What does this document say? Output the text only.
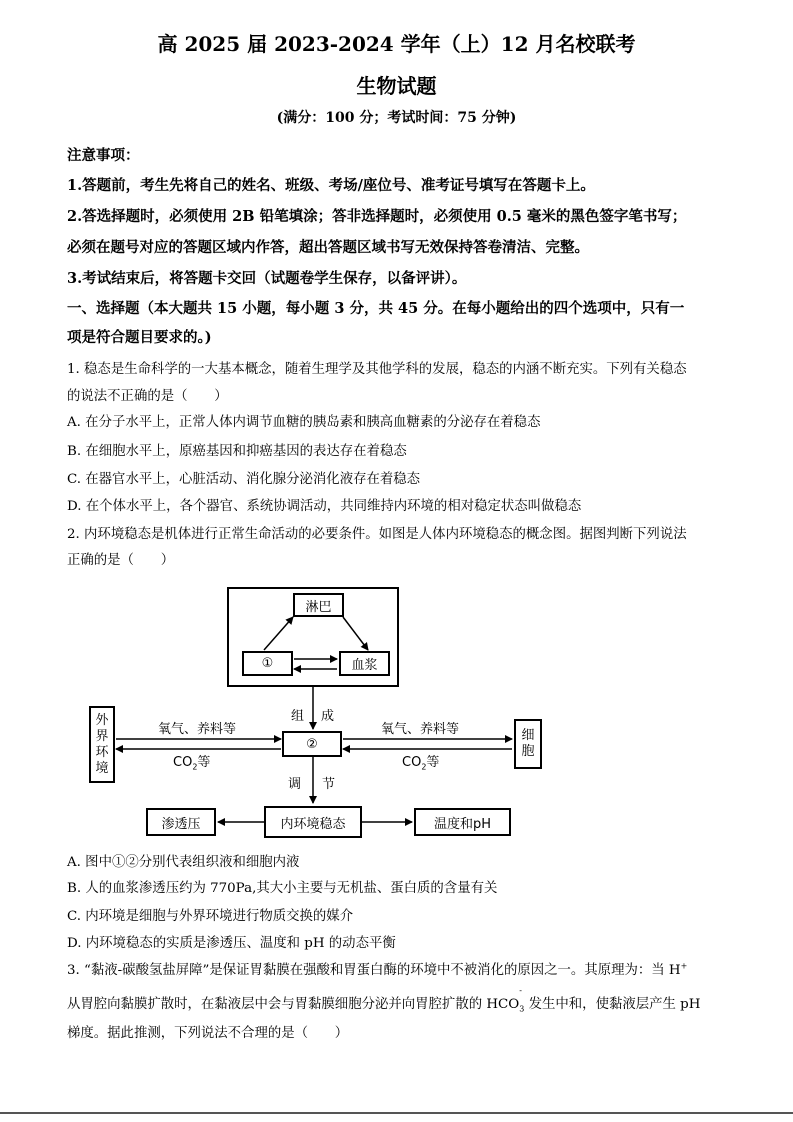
高 2025 届 2023-2024 学年（上）12 月名校联考
生物试题
(满分：100 分；考试时间：75 分钟)
注意事项：
1.答题前，考生先将自己的姓名、班级、考场/座位号、准考证号填写在答题卡上。
2.答选择题时，必须使用 2B 铅笔填涂；答非选择题时，必须使用 0.5 毫米的黑色签字笔书写；
必须在题号对应的答题区域内作答，超出答题区域书写无效保持答卷清洁、完整。
3.考试结束后，将答题卡交回（试题卷学生保存，以备评讲）。
一、选择题（本大题共 15 小题，每小题 3 分，共 45 分。在每小题给出的四个选项中，只有一
项是符合题目要求的。)
1. 稳态是生命科学的一大基本概念，随着生理学及其他学科的发展，稳态的内涵不断充实。下列有关稳态
的说法不正确的是（　　）
A. 在分子水平上，正常人体内调节血糖的胰岛素和胰高血糖素的分泌存在着稳态
B. 在细胞水平上，原癌基因和抑癌基因的表达存在着稳态
C. 在器官水平上，心脏活动、消化腺分泌消化液存在着稳态
D. 在个体水平上，各个器官、系统协调活动，共同维持内环境的相对稳定状态叫做稳态
2. 内环境稳态是机体进行正常生命活动的必要条件。如图是人体内环境稳态的概念图。据图判断下列说法
正确的是（　　）
淋巴
①	血浆
组 成
外
界
环
境
氧气、养料等
$CO_2$等
②
氧气、养料等
$CO_2$等
细
胞
调 节
渗透压	内环境稳态	温度和pH
A. 图中①②分别代表组织液和细胞内液
B. 人的血浆渗透压约为 770Pa,其大小主要与无机盐、蛋白质的含量有关
C. 内环境是细胞与外界环境进行物质交换的媒介
D. 内环境稳态的实质是渗透压、温度和 pH 的动态平衡
3. “黏液-碳酸氢盐屏障”是保证胃黏膜在强酸和胃蛋白酶的环境中不被消化的原因之一。其原理为：当 H+
从胃腔向黏膜扩散时，在黏液层中会与胃黏膜细胞分泌并向胃腔扩散的 HCO
-
$_3$ 发生中和，使黏液层产生 pH
梯度。据此推测，下列说法不合理的是（　　）
